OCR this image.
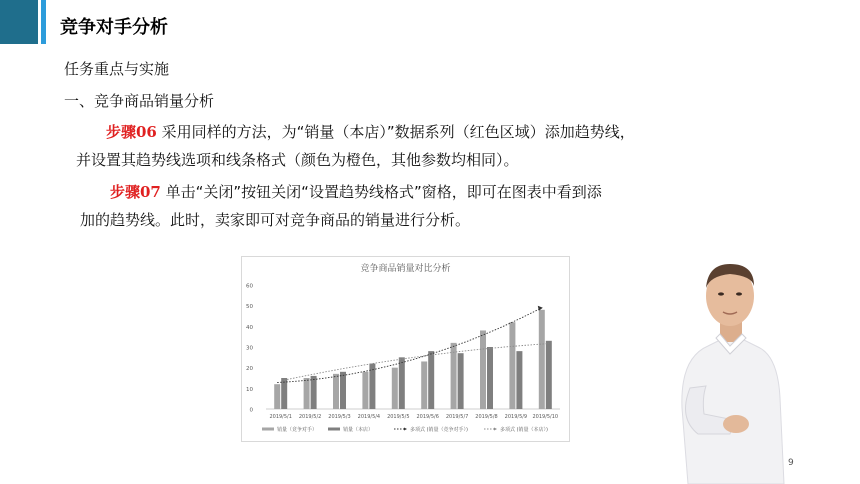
竞争对手分析
任务重点与实施
一、竞争商品销量分析
步骤06 采用同样的方法，为“销量（本店）”数据系列（红色区域）添加趋势线，
并设置其趋势线选项和线条格式（颜色为橙色，其他参数均相同）。
步骤07 单击“关闭”按钮关闭“设置趋势线格式”窗格，即可在图表中看到添
加的趋势线。此时，卖家即可对竞争商品的销量进行分析。
竞争商品销量对比分析
0
10
20
30
40
50
60
2019/5/1 2019/5/2 2019/5/3 2019/5/4 2019/5/5 2019/5/6 2019/5/7 2019/5/8 2019/5/9 2019/5/10
销量（竞争对手）	销量（本店）	多项式 (销量（竞争对手）)	多项式 (销量（本店）)
9
